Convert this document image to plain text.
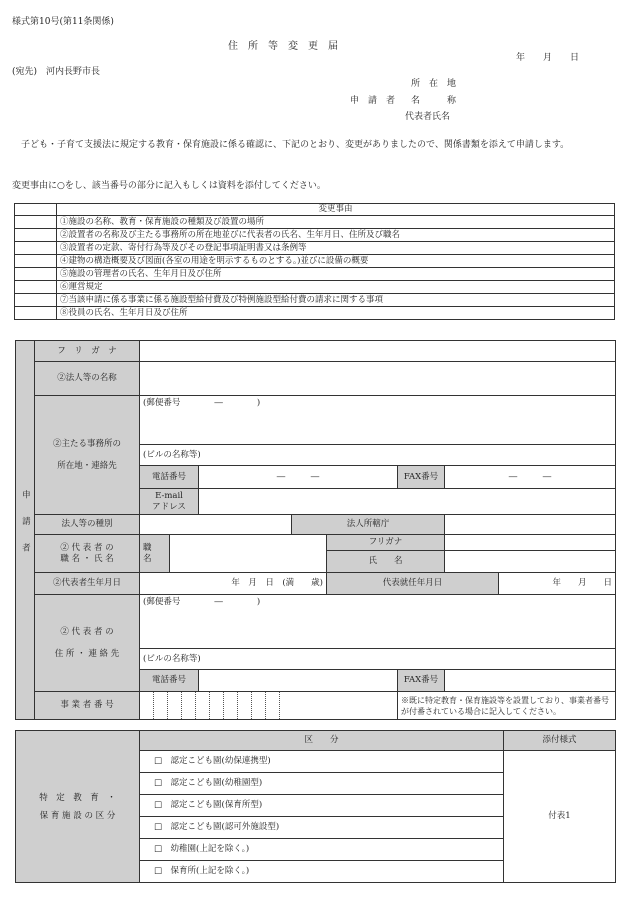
様式第10号(第11条関係)
住　所　等　変　更　届
年　　月　　日
(宛先)　河内長野市長
所　在　地
申　請　者 名　　　称
代表者氏名
子ども・子育て支援法に規定する教育・保育施設に係る確認に、下記のとおり、変更がありましたので、関係書類を添えて申請します。
変更事由に○をし、該当番号の部分に記入もしくは資料を添付してください。
	変更事由
	①施設の名称、教育・保育施設の種類及び設置の場所
	②設置者の名称及び主たる事務所の所在地並びに代表者の氏名、生年月日、住所及び職名
	③設置者の定款、寄付行為等及びその登記事項証明書又は条例等
	④建物の構造概要及び図面(各室の用途を明示するものとする。)並びに設備の概要
	⑤施設の管理者の氏名、生年月日及び住所
	⑥運営規定
	⑦当該申請に係る事業に係る施設型給付費及び特例施設型給付費の請求に関する事項
	⑧役員の氏名、生年月日及び住所
申請者	フ　リ　ガ　ナ								
	②法人等の名称								
	②主たる事務所の
所在地・連絡先	(郵便番号　　　　―　　　　)							
		(ビルの名称等)							
		電話番号		―　　　―			FAX番号	―　　　―	
		E-mail
アドレス							
	法人等の種別				法人所轄庁				
	② 代 表 者 の
職 名 ・ 氏 名	職
名				フリガナ			
						氏　　名			
	②代表者生年月日	年　月　日　(満　　歳)				代表就任年月日			年　　月　　日
	② 代 表 者 の
住 所 ・ 連 絡 先	(郵便番号　　　　―　　　　)							
		(ビルの名称等)							
		電話番号					FAX番号		
	事 業 者 番 号						※既に特定教育・保育施設等を設置しており、事業者番号が付番されている場合に記入してください。		
特　定　教　育　・
保 育 施 設 の 区 分	区　　分	添付様式
	□　認定こども園(幼保連携型)	付表1
	□　認定こども園(幼稚園型)	
	□　認定こども園(保育所型)	
	□　認定こども園(認可外施設型)	
	□　幼稚園(上記を除く。)	
	□　保育所(上記を除く。)	
